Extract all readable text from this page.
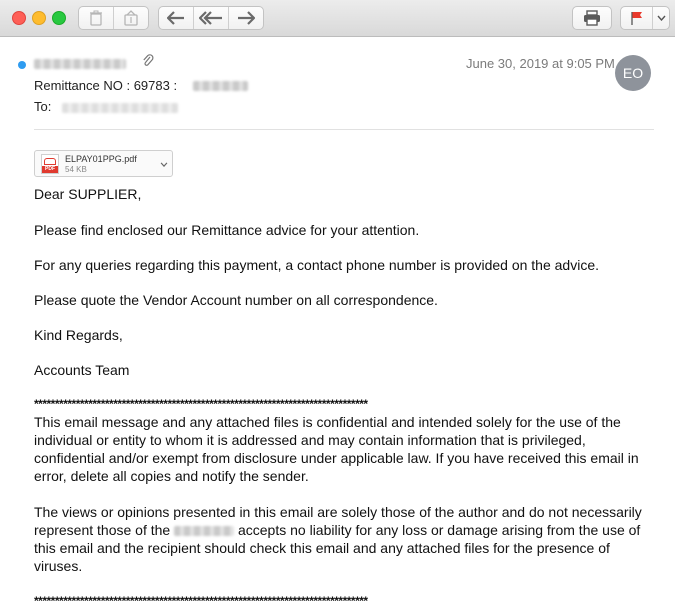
June 30, 2019 at 9:05 PM
EO
Remittance NO : 69783 :
To:
PDF
ELPAY01PPG.pdf
54 KB

Dear SUPPLIER,

Please find enclosed our Remittance advice for your attention.

For any queries regarding this payment, a contact phone number is provided on the advice.

Please quote the Vendor Account number on all correspondence.

Kind Regards,

Accounts Team

********************************************************************************

This email message and any attached files is confidential and intended solely for the use of the individual or entity to whom it is addressed and may contain information that is privileged, confidential and/or exempt from disclosure under applicable law. If you have received this email in error, delete all copies and notify the sender.

The views or opinions presented in this email are solely those of the author and do not necessarily represent those of the	accepts no liability for any loss or damage arising from the use of this email and the recipient should check this email and any attached files for the presence of viruses.

********************************************************************************
